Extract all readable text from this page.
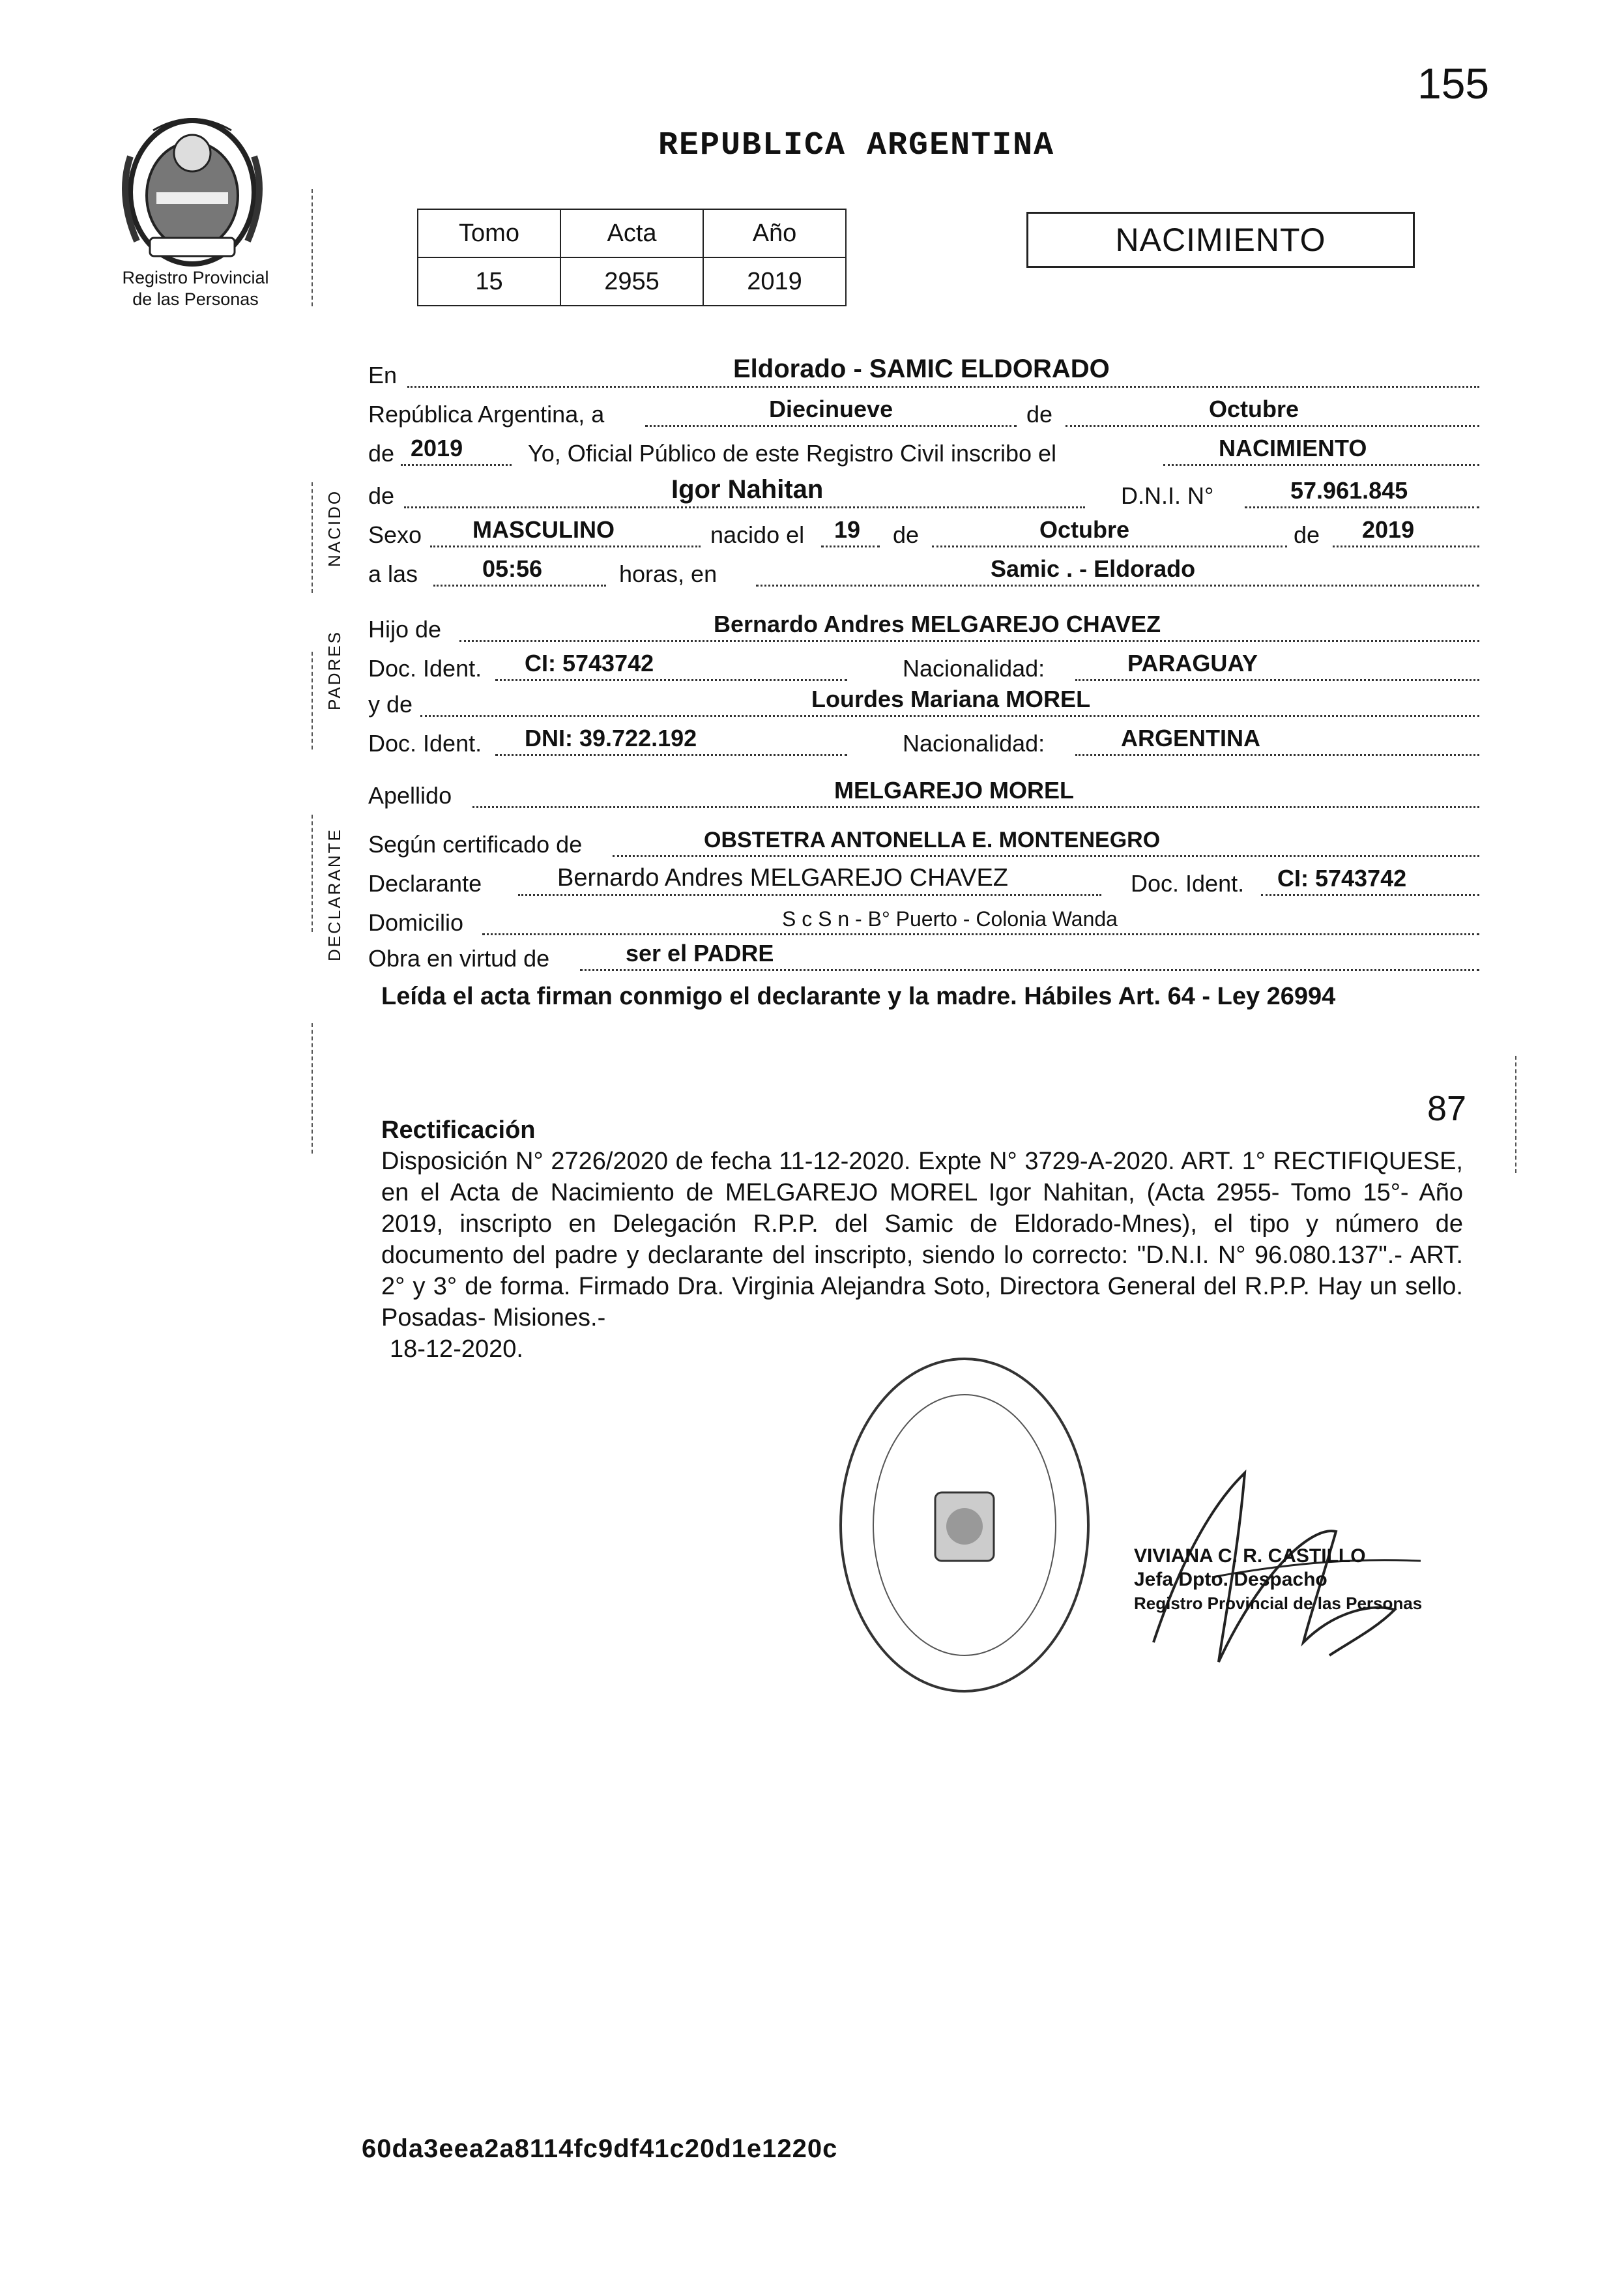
155
Registro Provincial
de las Personas
REPUBLICA ARGENTINA
Tomo	Acta	Año
15	2955	2019
NACIMIENTO
NACIDO
PADRES
DECLARANTE
En	Eldorado - SAMIC ELDORADO
República Argentina, a	Diecinueve	de	Octubre
de 2019	Yo, Oficial Público de este Registro Civil inscribo el	NACIMIENTO
de	Igor Nahitan	D.N.I. N°	57.961.845
Sexo MASCULINO	nacido el 19 de	Octubre	de 2019
a las	05:56	horas, en	Samic . - Eldorado
Hijo de	Bernardo Andres MELGAREJO CHAVEZ
Doc. Ident. CI: 5743742	Nacionalidad:	PARAGUAY
y de	Lourdes Mariana MOREL
Doc. Ident. DNI: 39.722.192	Nacionalidad:	ARGENTINA
Apellido	MELGAREJO MOREL
Según certificado de	OBSTETRA ANTONELLA E. MONTENEGRO
Declarante	Bernardo Andres MELGAREJO CHAVEZ	Doc. Ident. CI: 5743742
Domicilio	S c S n - B° Puerto - Colonia Wanda
Obra en virtud de	ser el PADRE
Leída el acta firman conmigo el declarante y la madre. Hábiles Art. 64 - Ley 26994
87
Rectificación
Disposición N° 2726/2020 de fecha 11-12-2020. Expte N° 3729-A-2020. ART. 1° RECTIFIQUESE, en el Acta de Nacimiento de MELGAREJO MOREL Igor Nahitan, (Acta 2955- Tomo 15°- Año 2019, inscripto en Delegación R.P.P. del Samic de Eldorado-Mnes), el tipo y número de documento del padre y declarante del inscripto, siendo lo correcto: "D.N.I. N° 96.080.137".- ART. 2° y 3° de forma. Firmado Dra. Virginia Alejandra Soto, Directora General del R.P.P. Hay un sello. Posadas- Misiones.-
18-12-2020.
VIVIANA C. R. CASTILLO
Jefa Dpto. Despacho
Registro Provincial de las Personas
60da3eea2a8114fc9df41c20d1e1220c
